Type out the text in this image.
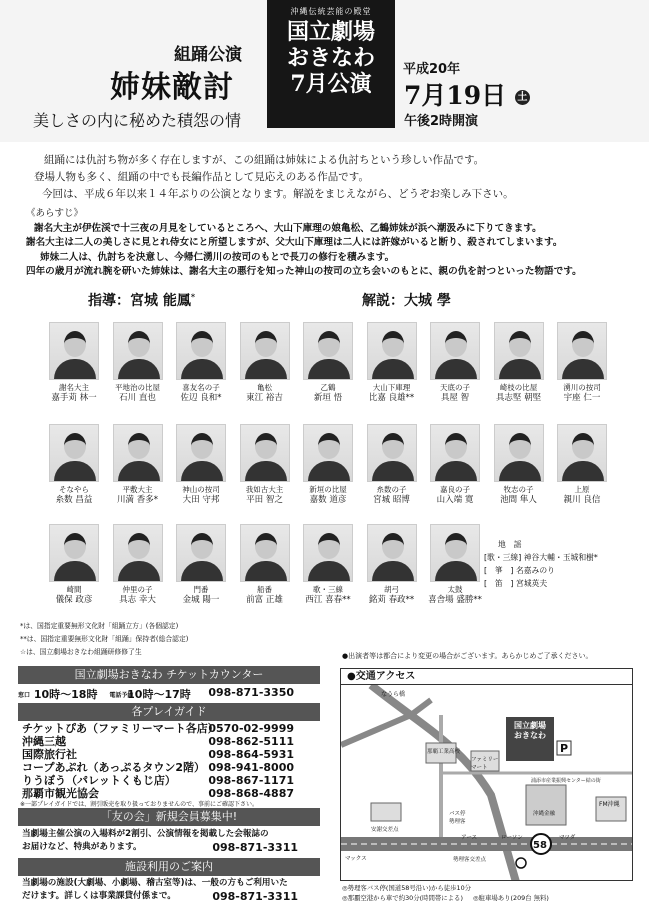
組踊公演
姉妹敵討
美しさの内に秘めた積怨の情
沖縄伝統芸能の殿堂
国立劇場
おきなわ
7月公演
平成20年
7月19日 土
午後2時開演

組踊には仇討ち物が多く存在しますが、この組踊は姉妹による仇討ちという珍しい作品です。

登場人物も多く、組踊の中でも長編作品として見応えのある作品です。

今回は、平成６年以来１４年ぶりの公演となります。解説をまじえながら、どうぞお楽しみ下さい。

《あらすじ》

謝名大主が伊佐渓で十三夜の月見をしているところへ、大山下庫理の娘亀松、乙鶴姉妹が浜へ潮汲みに下りてきます。

謝名大主は二人の美しさに見とれ侍女にと所望しますが、父大山下庫理は二人には許嫁がいると断り、殺されてしまいます。

姉妹二人は、仇討ちを決意し、今帰仁湧川の按司のもとで長刀の修行を積みます。

四年の歳月が流れ腕を研いた姉妹は、謝名大主の悪行を知った神山の按司の立ち会いのもとに、親の仇を討つといった物語です。

指導：宮城 能鳳*	解説：大城 學
謝名大主
嘉手苅 林一
平地治の比屋
石川 直也
喜友名の子
佐辺 良和*
亀松
東江 裕吉
乙鶴
新垣 悟
大山下庫理
比嘉 良雄**
天底の子
具屋 智
崎枝の比屋
具志堅 朝堅
湧川の按司
宇座 仁一
そなやら
糸数 昌益
平敷大主
川満 香多*
神山の按司
大田 守邦
我如古大主
平田 智之
新垣の比屋
嘉数 道彦
糸数の子
宮城 昭博
嘉良の子
山入端 寛
牧志の子
池間 隼人
上原
親川 良信
崎間
儀保 政彦
仲里の子
具志 幸大
門番
金城 陽一
船番
前富 正雄
歌・三線
西江 喜春**
胡弓
銘苅 春政**
太鼓
喜舎場 盛勝**
地　謡
[歌・三線] 神谷大輔・玉城和樹*
[　箏　] 名嘉みのり
[　笛　] 宮城英夫
*は、国指定重要無形文化財「組踊立方」(各個認定)
**は、国指定重要無形文化財「組踊」保持者(総合認定)
☆は、国立劇場おきなわ組踊研修修了生	●出演者等は都合により変更の場合がございます。あらかじめご了承ください。
国立劇場おきなわ チケットカウンター
窓口 10時〜18時 電話予約 10時〜17時 098-871-3350
各プレイガイド
チケットぴあ（ファミリーマート各店）
0570-02-9999
沖縄三越	098-862-5111
国際旅行社	098-864-5931
コープあぷれ（あっぷるタウン2階） 098-941-8000
りうぼう（パレットくもじ店）	098-867-1171
那覇市観光協会	098-868-4887
※一部プレイガイドでは、割引販売を取り扱っておりませんので、事前にご確認下さい。
「友の会」新規会員募集中!
当劇場主催公演の入場料が2割引、公演情報を掲載した会報誌の
お届けなど、特典があります。	098-871-3311
施設利用のご案内
当劇場の施設(大劇場、小劇場、稽古室等)は、一般の方もご利用いた
だけます。詳しくは事業課貸付係まで。	098-871-3311
●交通アクセス
P
58
国立劇場
おきなわ
なうら橋
那覇工業高校
ファミリーマート
浦添市産業振興センター結の街
沖縄金融
FM沖縄
バス停
勢理客
安謝交差点
マックス
アース	ローソン	マツダ
勢理客交差点
◎勢理客バス停(国道58号沿い)から徒歩10分
◎那覇空港から車で約30分(時間帯による) ◎駐車場あり(209台 無料)
